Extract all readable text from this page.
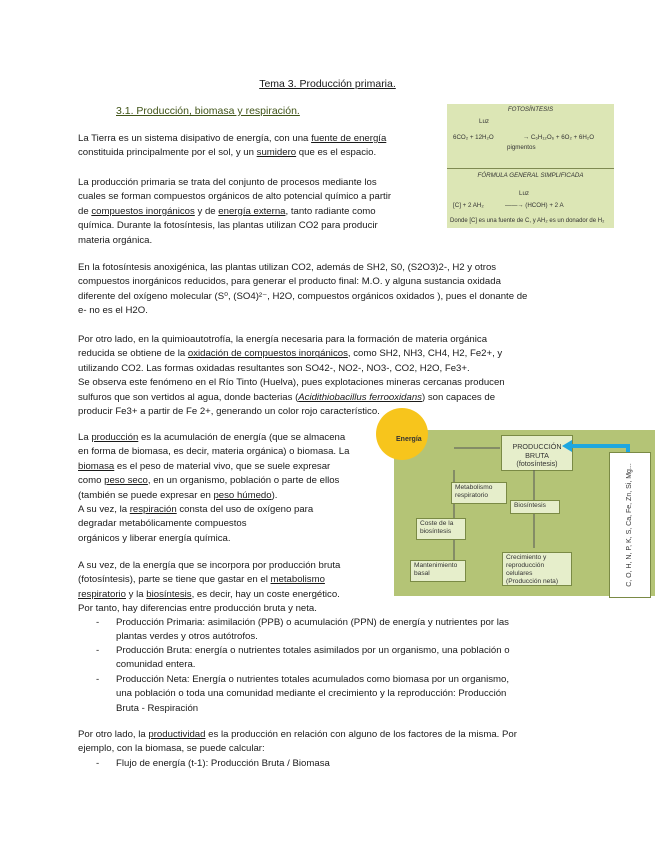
Tema 3. Producción primaria.
3.1. Producción, biomasa y respiración.
La Tierra es un sistema disipativo de energía, con una fuente de energía
constituida principalmente por el sol, y un sumidero que es el espacio.
La producción primaria se trata del conjunto de procesos mediante los
cuales se forman compuestos orgánicos de alto potencial químico a partir
de compuestos inorgánicos y de energía externa, tanto radiante como
química. Durante la fotosíntesis, las plantas utilizan CO2 para producir
materia orgánica.
FOTOSÍNTESIS
Luz
6CO₂ + 12H₂O	→ C₆H₁₂O₆ + 6O₂ + 6H₂O
pigmentos
FÓRMULA GENERAL SIMPLIFICADA
Luz
[C] + 2 AH₂	——→ (HCOH) + 2 A
Donde [C] es una fuente de C, y AH₂ es un donador de H₂
En la fotosíntesis anoxigénica, las plantas utilizan CO2, además de SH2, S0, (S2O3)2-, H2 y otros
compuestos inorgánicos reducidos, para generar el producto final: M.O. y alguna sustancia oxidada
diferente del oxígeno molecular (S⁰, (SO4)²⁻, H2O, compuestos orgánicos oxidados ), pues el donante de
e- no es el H2O.
Por otro lado, en la quimioautotrofía, la energía necesaria para la formación de materia orgánica
reducida se obtiene de la oxidación de compuestos inorgánicos, como SH2, NH3, CH4, H2, Fe2+, y
utilizando CO2. Las formas oxidadas resultantes son SO42-, NO2-, NO3-, CO2, H2O, Fe3+.
Se observa este fenómeno en el Río Tinto (Huelva), pues explotaciones mineras cercanas producen
sulfuros que son vertidos al agua, donde bacterias (Acidithiobacillus ferrooxidans) son capaces de
producir Fe3+ a partir de Fe 2+, generando un color rojo característico.
La producción es la acumulación de energía (que se almacena
en forma de biomasa, es decir, materia orgánica) o biomasa. La
biomasa es el peso de material vivo, que se suele expresar
como peso seco, en un organismo, población o parte de ellos
(también se puede expresar en peso húmedo).
A su vez, la respiración consta del uso de oxígeno para
degradar metabólicamente compuestos
orgánicos y liberar energía química.
Energía
PRODUCCIÓN BRUTA
(fotosíntesis)
Metabolismo respiratorio
Biosíntesis
Coste de la biosíntesis
Mantenimiento basal
Crecimiento y reproducción celulares
(Producción neta)	C, O, H, N, P, K, S, Ca, Fe, Zn, Si, Mg...
A su vez, de la energía que se incorpora por producción bruta
(fotosíntesis), parte se tiene que gastar en el metabolismo
respiratorio y la biosíntesis, es decir, hay un coste energético.
Por tanto, hay diferencias entre producción bruta y neta.
- Producción Primaria: asimilación (PPB) o acumulación (PPN) de energía y nutrientes por las
plantas verdes y otros autótrofos.
- Producción Bruta: energía o nutrientes totales asimilados por un organismo, una población o
comunidad entera.
- Producción Neta: Energía o nutrientes totales acumulados como biomasa por un organismo,
una población o toda una comunidad mediante el crecimiento y la reproducción: Producción
Bruta - Respiración
Por otro lado, la productividad es la producción en relación con alguno de los factores de la misma. Por
ejemplo, con la biomasa, se puede calcular:
- Flujo de energía (t-1): Producción Bruta / Biomasa
